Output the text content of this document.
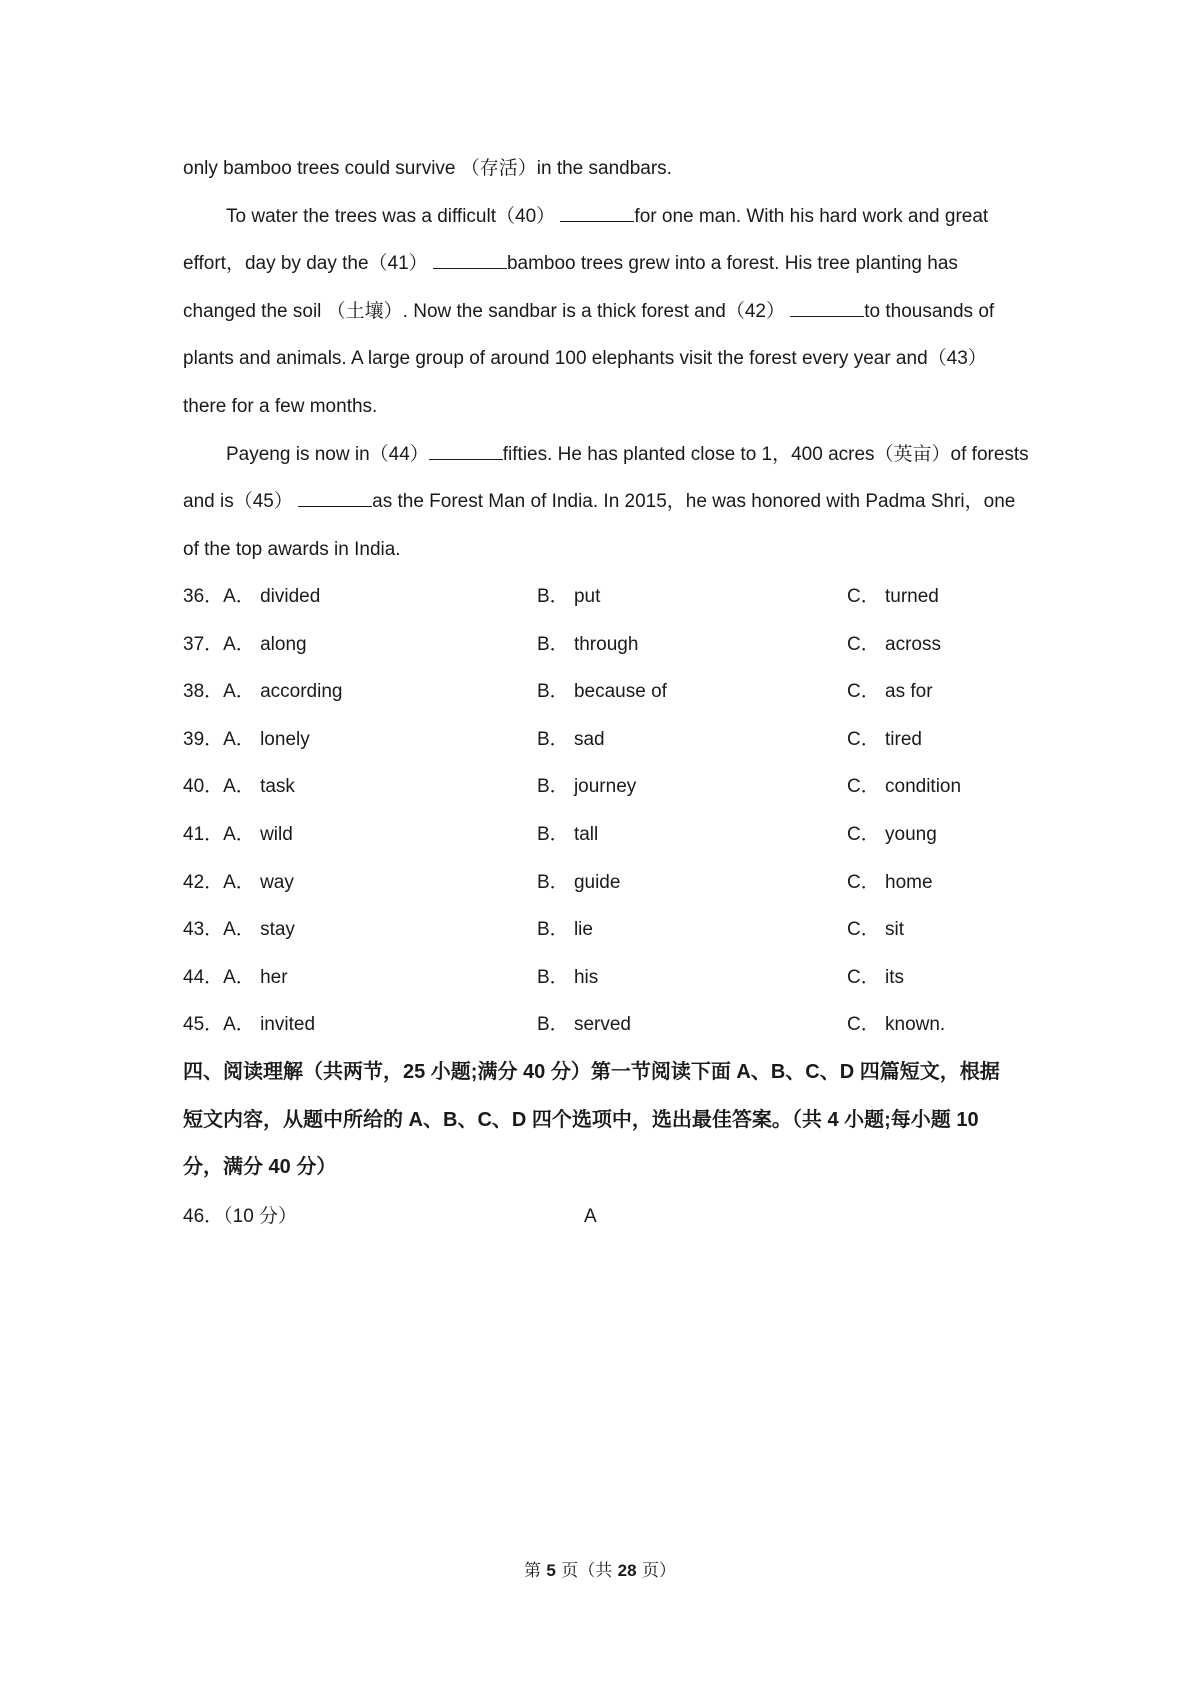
only bamboo trees could survive （存活）in the sandbars.
To water the trees was a difficult（40）	for one man. With his hard work and great
effort，day by day the（41）	bamboo trees grew into a forest. His tree planting has
changed the soil （土壤）. Now the sandbar is a thick forest and（42）	to thousands of
plants and animals. A large group of around 100 elephants visit the forest every year and（43）
there for a few months.
Payeng is now in（44）	fifties. He has planted close to 1，400 acres（英亩）of forests
and is（45）	as the Forest Man of India. In 2015，he was honored with Padma Shri，one
of the top awards in India.
36．A． divided	B． put	C． turned
37．A． along	B． through	C． across
38．A． according	B． because of	C． as for
39．A． lonely	B． sad	C． tired
40．A． task	B． journey	C． condition
41．A． wild	B． tall	C． young
42．A． way	B． guide	C． home
43．A． stay	B． lie	C． sit
44．A． her	B． his	C． its
45．A． invited	B． served	C． known.
四、阅读理解（共两节，25 小题;满分 40 分）第一节阅读下面 A、B、C、D 四篇短文，根据
短文内容，从题中所给的 A、B、C、D 四个选项中，选出最佳答案。（共 4 小题;每小题 10
分，满分 40 分）
46．（10 分）	A
第 5 页（共 28 页）
